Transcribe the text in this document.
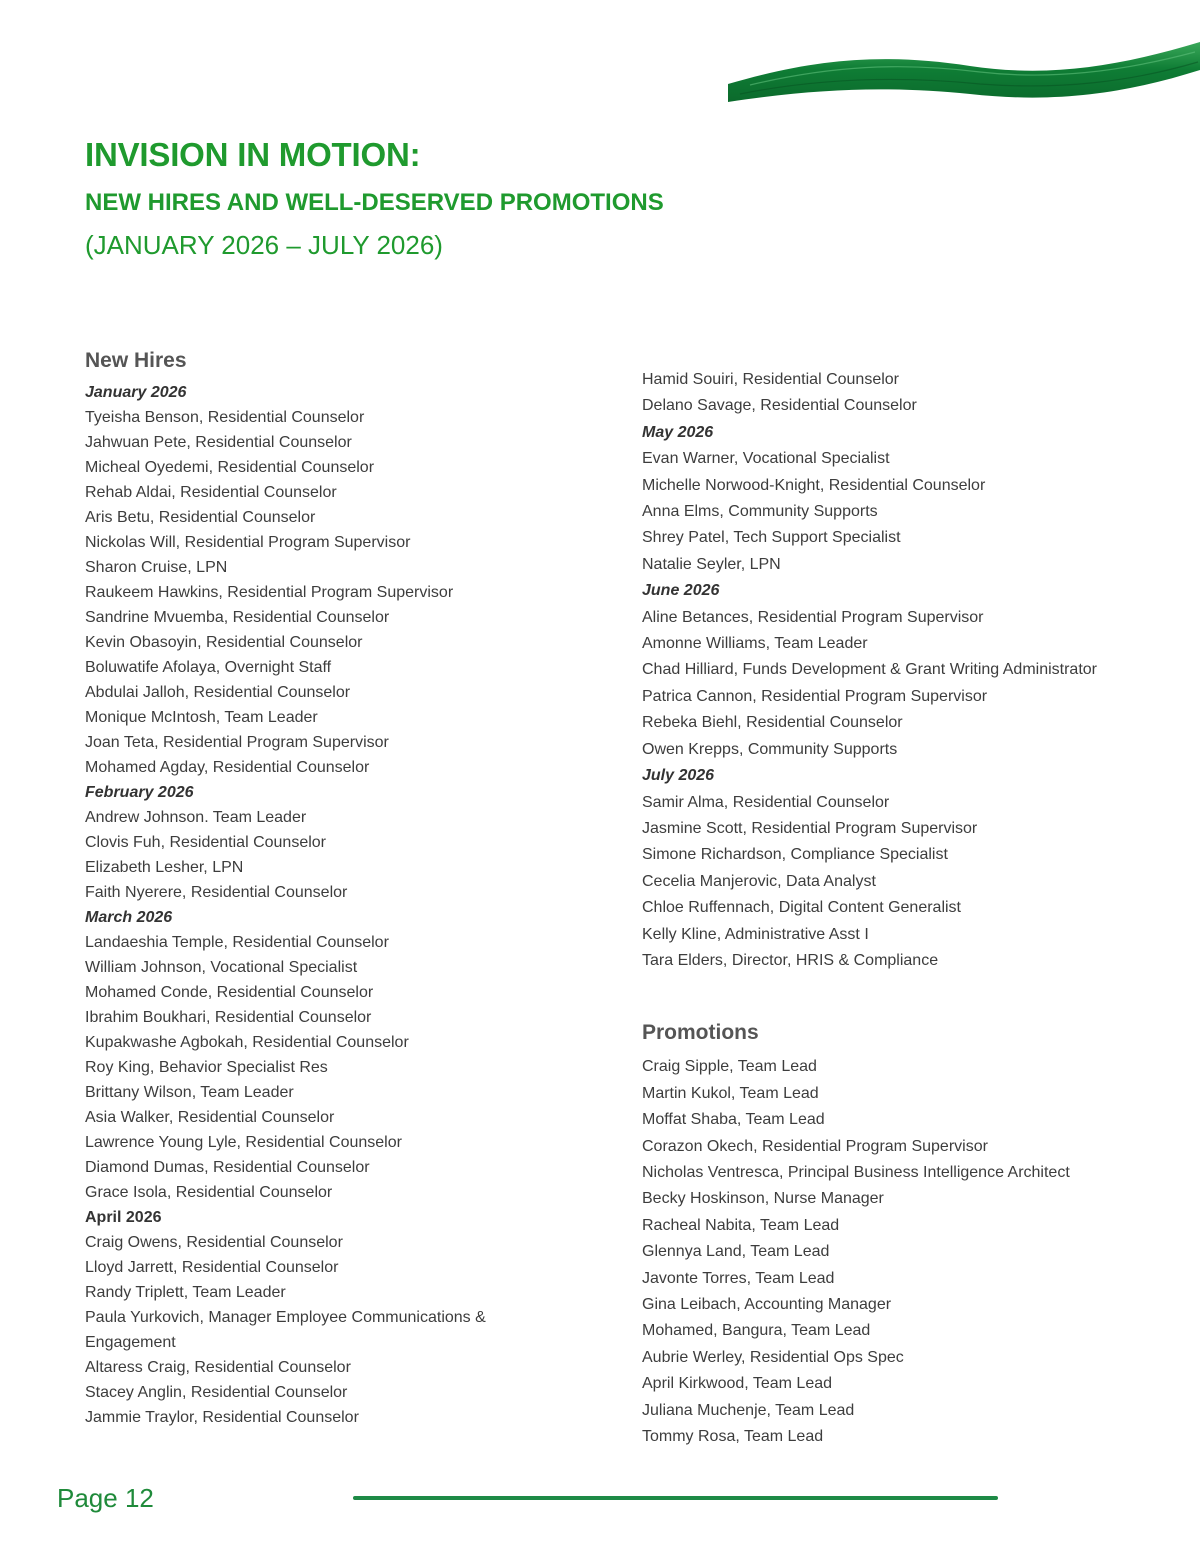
INVISION IN MOTION:
NEW HIRES AND WELL-DESERVED PROMOTIONS
(JANUARY 2026 – JULY 2026)
New Hires
January 2026
Tyeisha Benson, Residential Counselor
Jahwuan Pete, Residential Counselor
Micheal Oyedemi, Residential Counselor
Rehab Aldai, Residential Counselor
Aris Betu, Residential Counselor
Nickolas Will, Residential Program Supervisor
Sharon Cruise, LPN
Raukeem Hawkins, Residential Program Supervisor
Sandrine Mvuemba, Residential Counselor
Kevin Obasoyin, Residential Counselor
Boluwatife Afolaya, Overnight Staff
Abdulai Jalloh, Residential Counselor
Monique McIntosh, Team Leader
Joan Teta, Residential Program Supervisor
Mohamed Agday, Residential Counselor
February 2026
Andrew Johnson. Team Leader
Clovis Fuh, Residential Counselor
Elizabeth Lesher, LPN
Faith Nyerere, Residential Counselor
March 2026
Landaeshia Temple, Residential Counselor
William Johnson, Vocational Specialist
Mohamed Conde, Residential Counselor
Ibrahim Boukhari, Residential Counselor
Kupakwashe Agbokah, Residential Counselor
Roy King, Behavior Specialist Res
Brittany Wilson, Team Leader
Asia Walker, Residential Counselor
Lawrence Young Lyle, Residential Counselor
Diamond Dumas, Residential Counselor
Grace Isola, Residential Counselor
April 2026
Craig Owens, Residential Counselor
Lloyd Jarrett, Residential Counselor
Randy Triplett, Team Leader
Paula Yurkovich, Manager Employee Communications &
Engagement
Altaress Craig, Residential Counselor
Stacey Anglin, Residential Counselor
Jammie Traylor, Residential Counselor
Hamid Souiri, Residential Counselor
Delano Savage, Residential Counselor
May 2026
Evan Warner, Vocational Specialist
Michelle Norwood-Knight, Residential Counselor
Anna Elms, Community Supports
Shrey Patel, Tech Support Specialist
Natalie Seyler, LPN
June 2026
Aline Betances, Residential Program Supervisor
Amonne Williams, Team Leader
Chad Hilliard, Funds Development & Grant Writing Administrator
Patrica Cannon, Residential Program Supervisor
Rebeka Biehl, Residential Counselor
Owen Krepps, Community Supports
July 2026
Samir Alma, Residential Counselor
Jasmine Scott, Residential Program Supervisor
Simone Richardson, Compliance Specialist
Cecelia Manjerovic, Data Analyst
Chloe Ruffennach, Digital Content Generalist
Kelly Kline, Administrative Asst I
Tara Elders, Director, HRIS & Compliance
Promotions
Craig Sipple, Team Lead
Martin Kukol, Team Lead
Moffat Shaba, Team Lead
Corazon Okech, Residential Program Supervisor
Nicholas Ventresca, Principal Business Intelligence Architect
Becky Hoskinson, Nurse Manager
Racheal Nabita, Team Lead
Glennya Land, Team Lead
Javonte Torres, Team Lead
Gina Leibach, Accounting Manager
Mohamed, Bangura, Team Lead
Aubrie Werley, Residential Ops Spec
April Kirkwood, Team Lead
Juliana Muchenje, Team Lead
Tommy Rosa, Team Lead
Page 12
